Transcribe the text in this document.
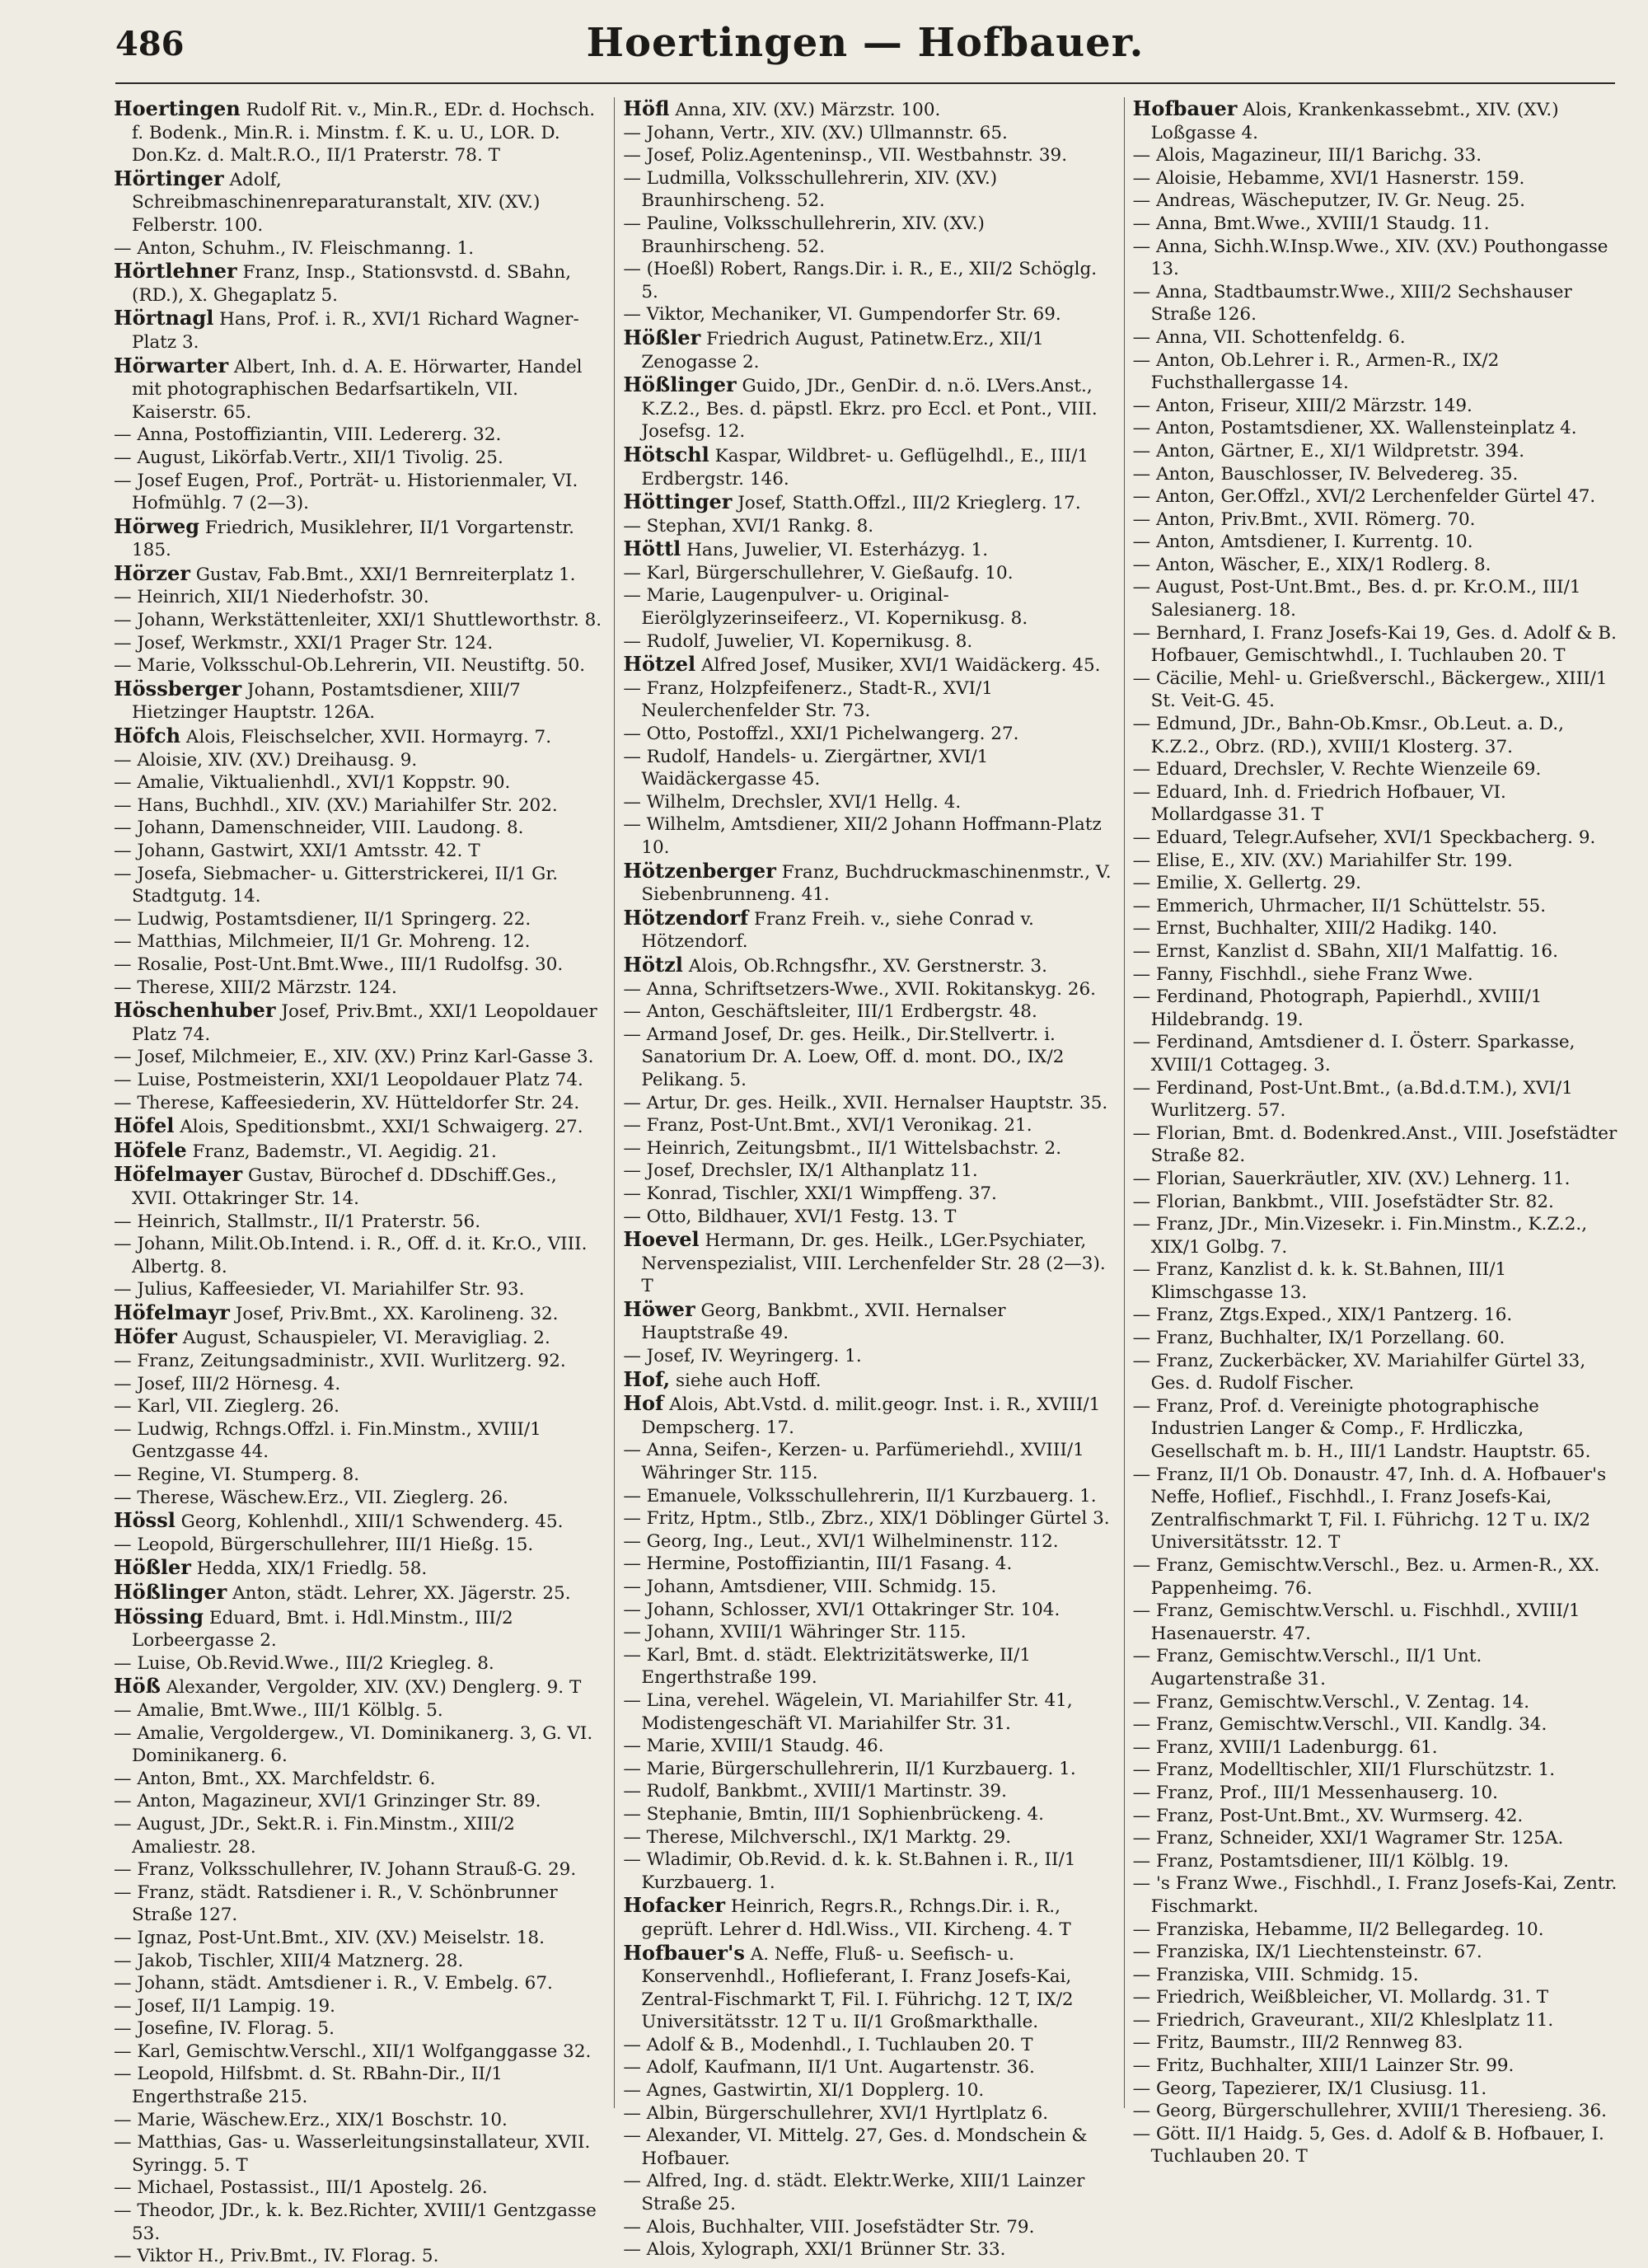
486	Hoertingen — Hofbauer.

Hoertingen Rudolf Rit. v., Min.R., EDr. d. Hochsch. f. Bodenk., Min.R. i. Minstm. f. K. u. U., LOR. D. Don.Kz. d. Malt.R.O., II/1 Praterstr. 78. T

Hörtinger Adolf, Schreibmaschinenreparaturanstalt, XIV. (XV.) Felberstr. 100.

— Anton, Schuhm., IV. Fleischmanng. 1.

Hörtlehner Franz, Insp., Stationsvstd. d. SBahn, (RD.), X. Ghegaplatz 5.

Hörtnagl Hans, Prof. i. R., XVI/1 Richard Wagner-Platz 3.

Hörwarter Albert, Inh. d. A. E. Hörwarter, Handel mit photographischen Bedarfsartikeln, VII. Kaiserstr. 65.

— Anna, Postoffiziantin, VIII. Ledererg. 32.

— August, Likörfab.Vertr., XII/1 Tivolig. 25.

— Josef Eugen, Prof., Porträt- u. Historienmaler, VI. Hofmühlg. 7 (2—3).

Hörweg Friedrich, Musiklehrer, II/1 Vorgartenstr. 185.

Hörzer Gustav, Fab.Bmt., XXI/1 Bernreiterplatz 1.

— Heinrich, XII/1 Niederhofstr. 30.

— Johann, Werkstättenleiter, XXI/1 Shuttleworthstr. 8.

— Josef, Werkmstr., XXI/1 Prager Str. 124.

— Marie, Volksschul-Ob.Lehrerin, VII. Neustiftg. 50.

Hössberger Johann, Postamtsdiener, XIII/7 Hietzinger Hauptstr. 126A.

Höfch Alois, Fleischselcher, XVII. Hormayrg. 7.

— Aloisie, XIV. (XV.) Dreihausg. 9.

— Amalie, Viktualienhdl., XVI/1 Koppstr. 90.

— Hans, Buchhdl., XIV. (XV.) Mariahilfer Str. 202.

— Johann, Damenschneider, VIII. Laudong. 8.

— Johann, Gastwirt, XXI/1 Amtsstr. 42. T

— Josefa, Siebmacher- u. Gitterstrickerei, II/1 Gr. Stadtgutg. 14.

— Ludwig, Postamtsdiener, II/1 Springerg. 22.

— Matthias, Milchmeier, II/1 Gr. Mohreng. 12.

— Rosalie, Post-Unt.Bmt.Wwe., III/1 Rudolfsg. 30.

— Therese, XIII/2 Märzstr. 124.

Höschenhuber Josef, Priv.Bmt., XXI/1 Leopoldauer Platz 74.

— Josef, Milchmeier, E., XIV. (XV.) Prinz Karl-Gasse 3.

— Luise, Postmeisterin, XXI/1 Leopoldauer Platz 74.

— Therese, Kaffeesiederin, XV. Hütteldorfer Str. 24.

Höfel Alois, Speditionsbmt., XXI/1 Schwaigerg. 27.

Höfele Franz, Bademstr., VI. Aegidig. 21.

Höfelmayer Gustav, Bürochef d. DDschiff.Ges., XVII. Ottakringer Str. 14.

— Heinrich, Stallmstr., II/1 Praterstr. 56.

— Johann, Milit.Ob.Intend. i. R., Off. d. it. Kr.O., VIII. Albertg. 8.

— Julius, Kaffeesieder, VI. Mariahilfer Str. 93.

Höfelmayr Josef, Priv.Bmt., XX. Karolineng. 32.

Höfer August, Schauspieler, VI. Meravigliag. 2.

— Franz, Zeitungsadministr., XVII. Wurlitzerg. 92.

— Josef, III/2 Hörnesg. 4.

— Karl, VII. Zieglerg. 26.

— Ludwig, Rchngs.Offzl. i. Fin.Minstm., XVIII/1 Gentzgasse 44.

— Regine, VI. Stumperg. 8.

— Therese, Wäschew.Erz., VII. Zieglerg. 26.

Hössl Georg, Kohlenhdl., XIII/1 Schwenderg. 45.

— Leopold, Bürgerschullehrer, III/1 Hießg. 15.

Hößler Hedda, XIX/1 Friedlg. 58.

Hößlinger Anton, städt. Lehrer, XX. Jägerstr. 25.

Hössing Eduard, Bmt. i. Hdl.Minstm., III/2 Lorbeergasse 2.

— Luise, Ob.Revid.Wwe., III/2 Kriegleg. 8.

Höß Alexander, Vergolder, XIV. (XV.) Denglerg. 9. T

— Amalie, Bmt.Wwe., III/1 Kölblg. 5.

— Amalie, Vergoldergew., VI. Dominikanerg. 3, G. VI. Dominikanerg. 6.

— Anton, Bmt., XX. Marchfeldstr. 6.

— Anton, Magazineur, XVI/1 Grinzinger Str. 89.

— August, JDr., Sekt.R. i. Fin.Minstm., XIII/2 Amaliestr. 28.

— Franz, Volksschullehrer, IV. Johann Strauß-G. 29.

— Franz, städt. Ratsdiener i. R., V. Schönbrunner Straße 127.

— Ignaz, Post-Unt.Bmt., XIV. (XV.) Meiselstr. 18.

— Jakob, Tischler, XIII/4 Matznerg. 28.

— Johann, städt. Amtsdiener i. R., V. Embelg. 67.

— Josef, II/1 Lampig. 19.

— Josefine, IV. Florag. 5.

— Karl, Gemischtw.Verschl., XII/1 Wolfganggasse 32.

— Leopold, Hilfsbmt. d. St. RBahn-Dir., II/1 Engerthstraße 215.

— Marie, Wäschew.Erz., XIX/1 Boschstr. 10.

— Matthias, Gas- u. Wasserleitungsinstallateur, XVII. Syringg. 5. T

— Michael, Postassist., III/1 Apostelg. 26.

— Theodor, JDr., k. k. Bez.Richter, XVIII/1 Gentzgasse 53.

— Viktor H., Priv.Bmt., IV. Florag. 5.

Höfl Anna, XIV. (XV.) Märzstr. 100.

— Johann, Vertr., XIV. (XV.) Ullmannstr. 65.

— Josef, Poliz.Agenteninsp., VII. Westbahnstr. 39.

— Ludmilla, Volksschullehrerin, XIV. (XV.) Braunhirscheng. 52.

— Pauline, Volksschullehrerin, XIV. (XV.) Braunhirscheng. 52.

— (Hoeßl) Robert, Rangs.Dir. i. R., E., XII/2 Schöglg. 5.

— Viktor, Mechaniker, VI. Gumpendorfer Str. 69.

Hößler Friedrich August, Patinetw.Erz., XII/1 Zenogasse 2.

Hößlinger Guido, JDr., GenDir. d. n.ö. LVers.Anst., K.Z.2., Bes. d. päpstl. Ekrz. pro Eccl. et Pont., VIII. Josefsg. 12.

Hötschl Kaspar, Wildbret- u. Geflügelhdl., E., III/1 Erdbergstr. 146.

Höttinger Josef, Statth.Offzl., III/2 Krieglerg. 17.

— Stephan, XVI/1 Rankg. 8.

Höttl Hans, Juwelier, VI. Esterházyg. 1.

— Karl, Bürgerschullehrer, V. Gießaufg. 10.

— Marie, Laugenpulver- u. Original-Eierölglyzerinseifeerz., VI. Kopernikusg. 8.

— Rudolf, Juwelier, VI. Kopernikusg. 8.

Hötzel Alfred Josef, Musiker, XVI/1 Waidäckerg. 45.

— Franz, Holzpfeifenerz., Stadt-R., XVI/1 Neulerchenfelder Str. 73.

— Otto, Postoffzl., XXI/1 Pichelwangerg. 27.

— Rudolf, Handels- u. Ziergärtner, XVI/1 Waidäckergasse 45.

— Wilhelm, Drechsler, XVI/1 Hellg. 4.

— Wilhelm, Amtsdiener, XII/2 Johann Hoffmann-Platz 10.

Hötzenberger Franz, Buchdruckmaschinenmstr., V. Siebenbrunneng. 41.

Hötzendorf Franz Freih. v., siehe Conrad v. Hötzendorf.

Hötzl Alois, Ob.Rchngsfhr., XV. Gerstnerstr. 3.

— Anna, Schriftsetzers-Wwe., XVII. Rokitanskyg. 26.

— Anton, Geschäftsleiter, III/1 Erdbergstr. 48.

— Armand Josef, Dr. ges. Heilk., Dir.Stellvertr. i. Sanatorium Dr. A. Loew, Off. d. mont. DO., IX/2 Pelikang. 5.

— Artur, Dr. ges. Heilk., XVII. Hernalser Hauptstr. 35.

— Franz, Post-Unt.Bmt., XVI/1 Veronikag. 21.

— Heinrich, Zeitungsbmt., II/1 Wittelsbachstr. 2.

— Josef, Drechsler, IX/1 Althanplatz 11.

— Konrad, Tischler, XXI/1 Wimpffeng. 37.

— Otto, Bildhauer, XVI/1 Festg. 13. T

Hoevel Hermann, Dr. ges. Heilk., LGer.Psychiater, Nervenspezialist, VIII. Lerchenfelder Str. 28 (2—3). T

Höwer Georg, Bankbmt., XVII. Hernalser Hauptstraße 49.

— Josef, IV. Weyringerg. 1.

Hof, siehe auch Hoff.

Hof Alois, Abt.Vstd. d. milit.geogr. Inst. i. R., XVIII/1 Dempscherg. 17.

— Anna, Seifen-, Kerzen- u. Parfümeriehdl., XVIII/1 Währinger Str. 115.

— Emanuele, Volksschullehrerin, II/1 Kurzbauerg. 1.

— Fritz, Hptm., Stlb., Zbrz., XIX/1 Döblinger Gürtel 3.

— Georg, Ing., Leut., XVI/1 Wilhelminenstr. 112.

— Hermine, Postoffiziantin, III/1 Fasang. 4.

— Johann, Amtsdiener, VIII. Schmidg. 15.

— Johann, Schlosser, XVI/1 Ottakringer Str. 104.

— Johann, XVIII/1 Währinger Str. 115.

— Karl, Bmt. d. städt. Elektrizitätswerke, II/1 Engerthstraße 199.

— Lina, verehel. Wägelein, VI. Mariahilfer Str. 41, Modistengeschäft VI. Mariahilfer Str. 31.

— Marie, XVIII/1 Staudg. 46.

— Marie, Bürgerschullehrerin, II/1 Kurzbauerg. 1.

— Rudolf, Bankbmt., XVIII/1 Martinstr. 39.

— Stephanie, Bmtin, III/1 Sophienbrückeng. 4.

— Therese, Milchverschl., IX/1 Marktg. 29.

— Wladimir, Ob.Revid. d. k. k. St.Bahnen i. R., II/1 Kurzbauerg. 1.

Hofacker Heinrich, Regrs.R., Rchngs.Dir. i. R., geprüft. Lehrer d. Hdl.Wiss., VII. Kircheng. 4. T

Hofbauer's A. Neffe, Fluß- u. Seefisch- u. Konservenhdl., Hoflieferant, I. Franz Josefs-Kai, Zentral-Fischmarkt T, Fil. I. Führichg. 12 T, IX/2 Universitätsstr. 12 T u. II/1 Großmarkthalle.

— Adolf & B., Modenhdl., I. Tuchlauben 20. T

— Adolf, Kaufmann, II/1 Unt. Augartenstr. 36.

— Agnes, Gastwirtin, XI/1 Dopplerg. 10.

— Albin, Bürgerschullehrer, XVI/1 Hyrtlplatz 6.

— Alexander, VI. Mittelg. 27, Ges. d. Mondschein & Hofbauer.

— Alfred, Ing. d. städt. Elektr.Werke, XIII/1 Lainzer Straße 25.

— Alois, Buchhalter, VIII. Josefstädter Str. 79.

— Alois, Xylograph, XXI/1 Brünner Str. 33.

Hofbauer Alois, Krankenkassebmt., XIV. (XV.) Loßgasse 4.

— Alois, Magazineur, III/1 Barichg. 33.

— Aloisie, Hebamme, XVI/1 Hasnerstr. 159.

— Andreas, Wäscheputzer, IV. Gr. Neug. 25.

— Anna, Bmt.Wwe., XVIII/1 Staudg. 11.

— Anna, Sichh.W.Insp.Wwe., XIV. (XV.) Pouthongasse 13.

— Anna, Stadtbaumstr.Wwe., XIII/2 Sechshauser Straße 126.

— Anna, VII. Schottenfeldg. 6.

— Anton, Ob.Lehrer i. R., Armen-R., IX/2 Fuchsthallergasse 14.

— Anton, Friseur, XIII/2 Märzstr. 149.

— Anton, Postamtsdiener, XX. Wallensteinplatz 4.

— Anton, Gärtner, E., XI/1 Wildpretstr. 394.

— Anton, Bauschlosser, IV. Belvedereg. 35.

— Anton, Ger.Offzl., XVI/2 Lerchenfelder Gürtel 47.

— Anton, Priv.Bmt., XVII. Römerg. 70.

— Anton, Amtsdiener, I. Kurrentg. 10.

— Anton, Wäscher, E., XIX/1 Rodlerg. 8.

— August, Post-Unt.Bmt., Bes. d. pr. Kr.O.M., III/1 Salesianerg. 18.

— Bernhard, I. Franz Josefs-Kai 19, Ges. d. Adolf & B. Hofbauer, Gemischtwhdl., I. Tuchlauben 20. T

— Cäcilie, Mehl- u. Grießverschl., Bäckergew., XIII/1 St. Veit-G. 45.

— Edmund, JDr., Bahn-Ob.Kmsr., Ob.Leut. a. D., K.Z.2., Obrz. (RD.), XVIII/1 Klosterg. 37.

— Eduard, Drechsler, V. Rechte Wienzeile 69.

— Eduard, Inh. d. Friedrich Hofbauer, VI. Mollardgasse 31. T

— Eduard, Telegr.Aufseher, XVI/1 Speckbacherg. 9.

— Elise, E., XIV. (XV.) Mariahilfer Str. 199.

— Emilie, X. Gellertg. 29.

— Emmerich, Uhrmacher, II/1 Schüttelstr. 55.

— Ernst, Buchhalter, XIII/2 Hadikg. 140.

— Ernst, Kanzlist d. SBahn, XII/1 Malfattig. 16.

— Fanny, Fischhdl., siehe Franz Wwe.

— Ferdinand, Photograph, Papierhdl., XVIII/1 Hildebrandg. 19.

— Ferdinand, Amtsdiener d. I. Österr. Sparkasse, XVIII/1 Cottageg. 3.

— Ferdinand, Post-Unt.Bmt., (a.Bd.d.T.M.), XVI/1 Wurlitzerg. 57.

— Florian, Bmt. d. Bodenkred.Anst., VIII. Josefstädter Straße 82.

— Florian, Sauerkräutler, XIV. (XV.) Lehnerg. 11.

— Florian, Bankbmt., VIII. Josefstädter Str. 82.

— Franz, JDr., Min.Vizesekr. i. Fin.Minstm., K.Z.2., XIX/1 Golbg. 7.

— Franz, Kanzlist d. k. k. St.Bahnen, III/1 Klimschgasse 13.

— Franz, Ztgs.Exped., XIX/1 Pantzerg. 16.

— Franz, Buchhalter, IX/1 Porzellang. 60.

— Franz, Zuckerbäcker, XV. Mariahilfer Gürtel 33, Ges. d. Rudolf Fischer.

— Franz, Prof. d. Vereinigte photographische Industrien Langer & Comp., F. Hrdliczka, Gesellschaft m. b. H., III/1 Landstr. Hauptstr. 65.

— Franz, II/1 Ob. Donaustr. 47, Inh. d. A. Hofbauer's Neffe, Hoflief., Fischhdl., I. Franz Josefs-Kai, Zentralfischmarkt T, Fil. I. Führichg. 12 T u. IX/2 Universitätsstr. 12. T

— Franz, Gemischtw.Verschl., Bez. u. Armen-R., XX. Pappenheimg. 76.

— Franz, Gemischtw.Verschl. u. Fischhdl., XVIII/1 Hasenauerstr. 47.

— Franz, Gemischtw.Verschl., II/1 Unt. Augartenstraße 31.

— Franz, Gemischtw.Verschl., V. Zentag. 14.

— Franz, Gemischtw.Verschl., VII. Kandlg. 34.

— Franz, XVIII/1 Ladenburgg. 61.

— Franz, Modelltischler, XII/1 Flurschützstr. 1.

— Franz, Prof., III/1 Messenhauserg. 10.

— Franz, Post-Unt.Bmt., XV. Wurmserg. 42.

— Franz, Schneider, XXI/1 Wagramer Str. 125A.

— Franz, Postamtsdiener, III/1 Kölblg. 19.

— 's Franz Wwe., Fischhdl., I. Franz Josefs-Kai, Zentr. Fischmarkt.

— Franziska, Hebamme, II/2 Bellegardeg. 10.

— Franziska, IX/1 Liechtensteinstr. 67.

— Franziska, VIII. Schmidg. 15.

— Friedrich, Weißbleicher, VI. Mollardg. 31. T

— Friedrich, Graveurant., XII/2 Khleslplatz 11.

— Fritz, Baumstr., III/2 Rennweg 83.

— Fritz, Buchhalter, XIII/1 Lainzer Str. 99.

— Georg, Tapezierer, IX/1 Clusiusg. 11.

— Georg, Bürgerschullehrer, XVIII/1 Theresieng. 36.

— Gött. II/1 Haidg. 5, Ges. d. Adolf & B. Hofbauer, I. Tuchlauben 20. T
